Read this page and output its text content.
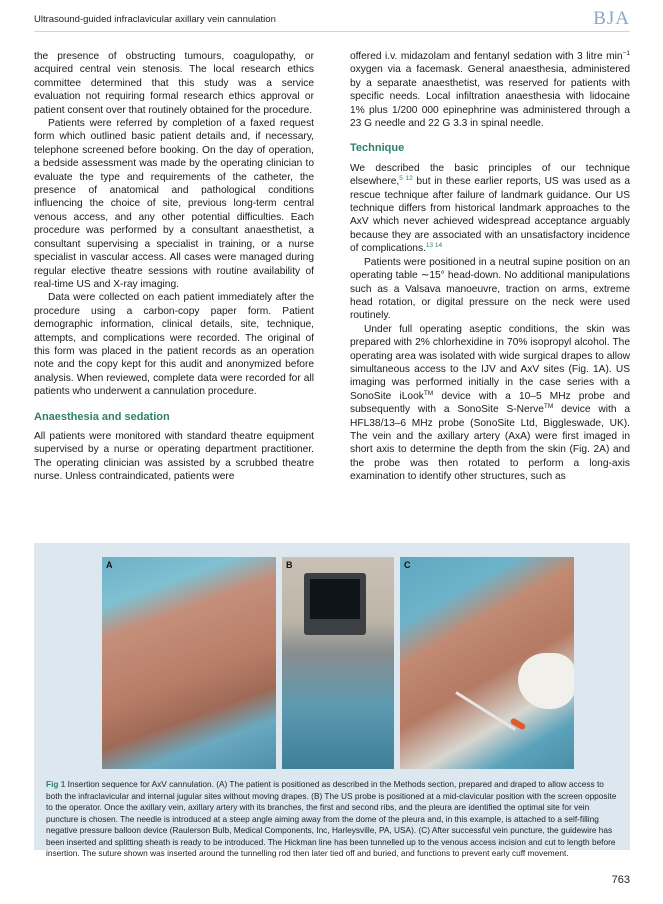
Ultrasound-guided infraclavicular axillary vein cannulation	BJA

the presence of obstructing tumours, coagulopathy, or acquired central vein stenosis. The local research ethics committee determined that this study was a service evaluation not requiring formal research ethics approval or patient consent over that routinely obtained for the procedure.

Patients were referred by completion of a faxed request form which outlined basic patient details and, if necessary, telephone screened before booking. On the day of operation, a bedside assessment was made by the operating clinician to evaluate the type and requirements of the catheter, the presence of anatomical and pathological conditions influencing the choice of site, previous long-term central venous access, and any other potential difficulties. Each procedure was performed by a consultant anaesthetist, a consultant supervising a specialist in training, or a nurse specialist in vascular access. All cases were managed during regular elective theatre sessions with routine availability of real-time US and X-ray imaging.

Data were collected on each patient immediately after the procedure using a carbon-copy paper form. Patient demographic information, clinical details, site, technique, attempts, and complications were recorded. The original of this form was placed in the patient records as an operation note and the copy kept for this audit and anonymized before analysis. When reviewed, complete data were recorded for all patients who underwent a cannulation procedure.

Anaesthesia and sedation

All patients were monitored with standard theatre equipment supervised by a nurse or operating department practitioner. The operating clinician was assisted by a scrubbed theatre nurse. Unless contraindicated, patients were

offered i.v. midazolam and fentanyl sedation with 3 litre $\min^{-1}$ oxygen via a facemask. General anaesthesia, administered by a separate anaesthetist, was reserved for patients with specific needs. Local infiltration anaesthesia with lidocaine 1% plus 1/200 000 epinephrine was administered through a 23 G needle and 22 G 3.3 in spinal needle.

Technique

We described the basic principles of our technique elsewhere,$^{5 12}$ but in these earlier reports, US was used as a rescue technique after failure of landmark guidance. Our US technique differs from historical landmark approaches to the AxV which never achieved widespread acceptance arguably because they are associated with an unsatisfactory incidence of complications.$^{13 14}$

Patients were positioned in a neutral supine position on an operating table ∼15° head-down. No additional manipulations such as a Valsava manoeuvre, traction on arms, extreme head rotation, or digital pressure on the neck were used routinely.

Under full operating aseptic conditions, the skin was prepared with 2% chlorhexidine in 70% isopropyl alcohol. The operating area was isolated with wide surgical drapes to allow simultaneous access to the IJV and AxV sites (Fig. 1A). US imaging was performed initially in the case series with a SonoSite iLook™ device with a 10–5 MHz probe and subsequently with a SonoSite S-Nerve™ device with a HFL38/13–6 MHz probe (SonoSite Ltd, Biggleswade, UK). The vein and the axillary artery (AxA) were first imaged in short axis to determine the depth from the skin (Fig. 2A) and the probe was then rotated to perform a long-axis examination to identify other structures, such as

A	B	C
Fig 1 Insertion sequence for AxV cannulation. (A) The patient is positioned as described in the Methods section, prepared and draped to allow access to both the infraclavicular and internal jugular sites without moving drapes. (B) The US probe is positioned at a mid-clavicular position with the screen opposite to the operator. Once the axillary vein, axillary artery with its branches, the first and second ribs, and the pleura are identified the optimal site for vein puncture is chosen. The needle is introduced at a steep angle aiming away from the dome of the pleura and, in this example, is attached to a self-filling negative pressure balloon device (Raulerson Bulb, Medical Components, Inc, Harleysville, PA, USA). (C) After successful vein puncture, the guidewire has been inserted and splitting sheath is ready to be introduced. The Hickman line has been tunnelled up to the venous access incision and cut to length before insertion. The suture shown was inserted around the tunnelling rod then later tied off and buried, and functions to prevent early cuff movement.
763
